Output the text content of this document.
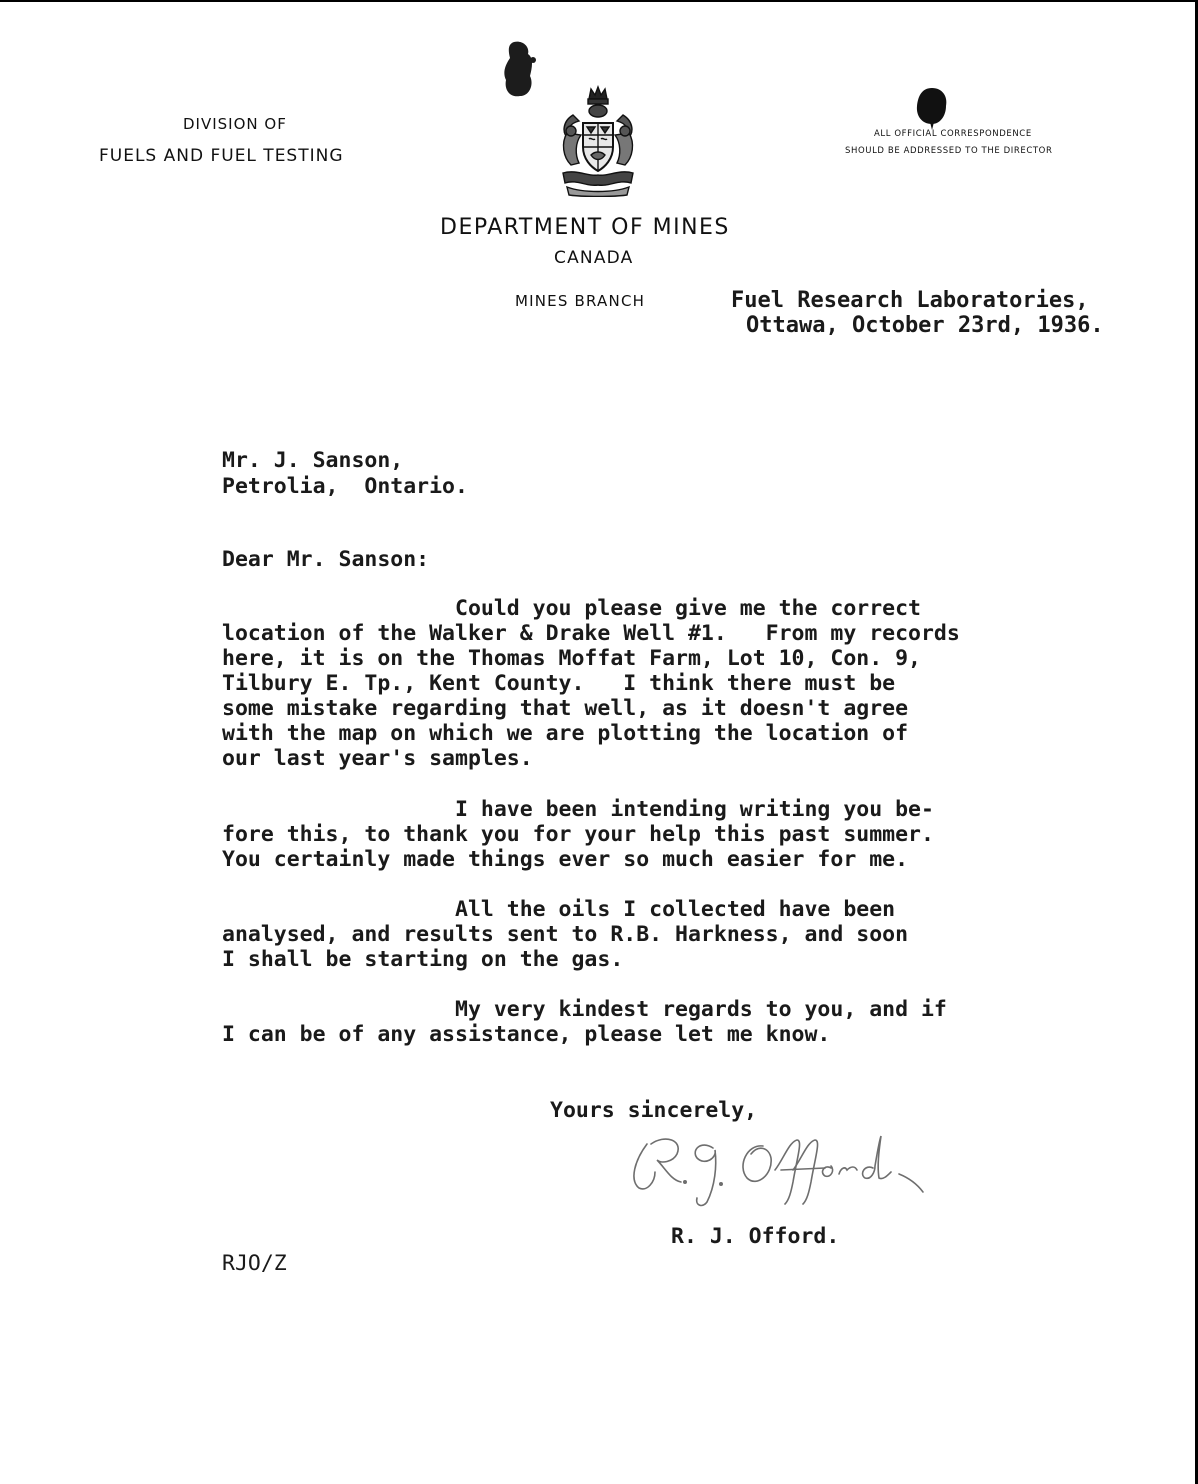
DIVISION OF
FUELS AND FUEL TESTING
ALL OFFICIAL CORRESPONDENCE
SHOULD BE ADDRESSED TO THE DIRECTOR
DEPARTMENT OF MINES
CANADA
MINES BRANCH	Fuel Research Laboratories,
Ottawa, October 23rd, 1936.
Mr. J. Sanson,
Petrolia,  Ontario.
Dear Mr. Sanson:
Could you please give me the correct
location of the Walker & Drake Well #1.   From my records
here, it is on the Thomas Moffat Farm, Lot 10, Con. 9,
Tilbury E. Tp., Kent County.   I think there must be
some mistake regarding that well, as it doesn't agree
with the map on which we are plotting the location of
our last year's samples.
I have been intending writing you be-
fore this, to thank you for your help this past summer.
You certainly made things ever so much easier for me.
All the oils I collected have been
analysed, and results sent to R.B. Harkness, and soon
I shall be starting on the gas.
My very kindest regards to you, and if
I can be of any assistance, please let me know.
Yours sincerely,
R. J. Offord.
RJO/Z
